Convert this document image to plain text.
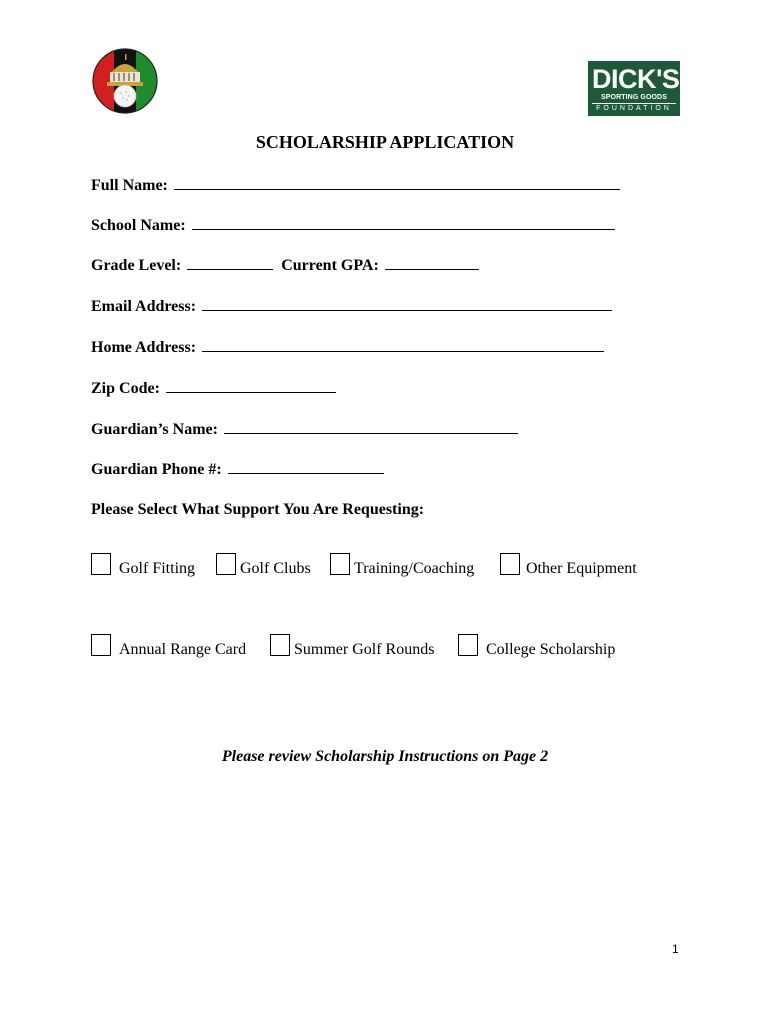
DICK'S
SPORTING GOODS
FOUNDATION
SCHOLARSHIP APPLICATION
Full Name:
School Name:
Grade Level:	Current GPA:
Email Address:
Home Address:
Zip Code:
Guardian’s Name:
Guardian Phone #:
Please Select What Support You Are Requesting:
Golf Fitting	Golf Clubs	Training/Coaching	Other Equipment
Annual Range Card	Summer Golf Rounds	College Scholarship
Please review Scholarship Instructions on Page 2
1
